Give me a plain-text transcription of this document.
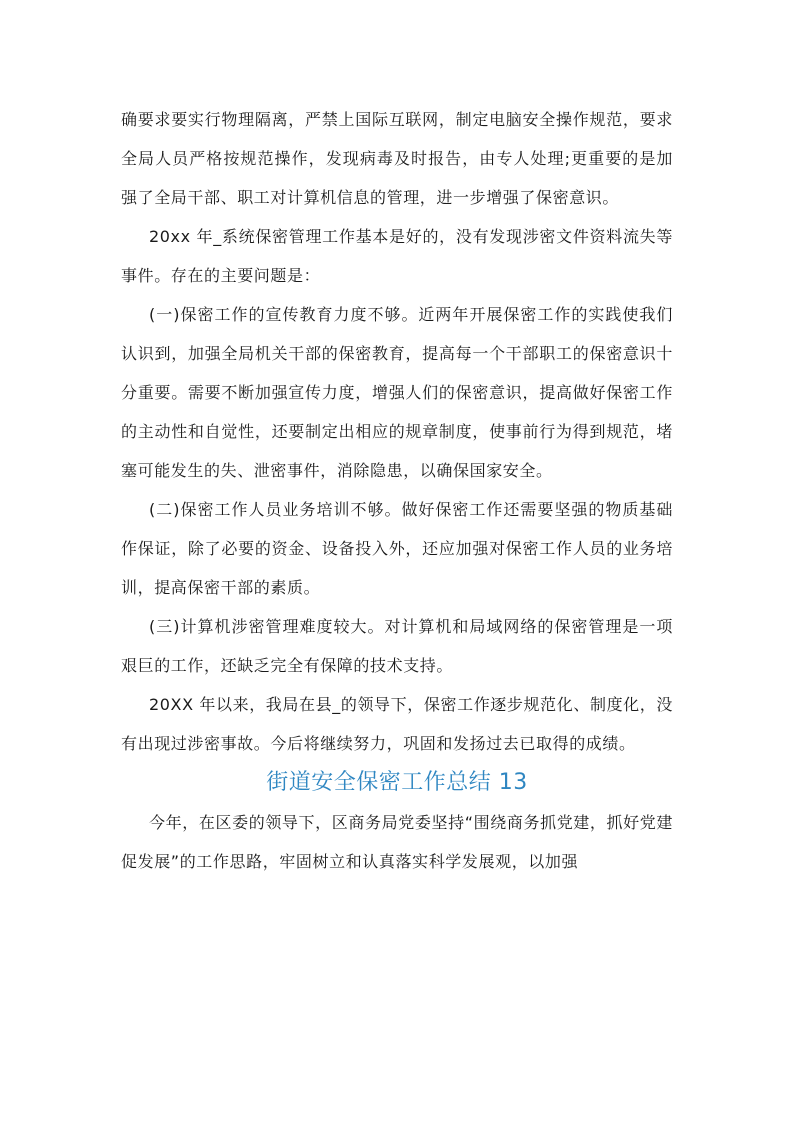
确要求要实行物理隔离，严禁上国际互联网，制定电脑安全操作规范，要求全局人员严格按规范操作，发现病毒及时报告，由专人处理;更重要的是加强了全局干部、职工对计算机信息的管理，进一步增强了保密意识。

20xx 年_系统保密管理工作基本是好的，没有发现涉密文件资料流失等事件。存在的主要问题是：

(一)保密工作的宣传教育力度不够。近两年开展保密工作的实践使我们认识到，加强全局机关干部的保密教育，提高每一个干部职工的保密意识十分重要。需要不断加强宣传力度，增强人们的保密意识，提高做好保密工作的主动性和自觉性，还要制定出相应的规章制度，使事前行为得到规范，堵塞可能发生的失、泄密事件，消除隐患，以确保国家安全。

(二)保密工作人员业务培训不够。做好保密工作还需要坚强的物质基础作保证，除了必要的资金、设备投入外，还应加强对保密工作人员的业务培训，提高保密干部的素质。

(三)计算机涉密管理难度较大。对计算机和局域网络的保密管理是一项艰巨的工作，还缺乏完全有保障的技术支持。

20XX 年以来，我局在县_的领导下，保密工作逐步规范化、制度化，没有出现过涉密事故。今后将继续努力，巩固和发扬过去已取得的成绩。

街道安全保密工作总结 13

今年，在区委的领导下，区商务局党委坚持“围绕商务抓党建，抓好党建促发展”的工作思路，牢固树立和认真落实科学发展观，以加强
